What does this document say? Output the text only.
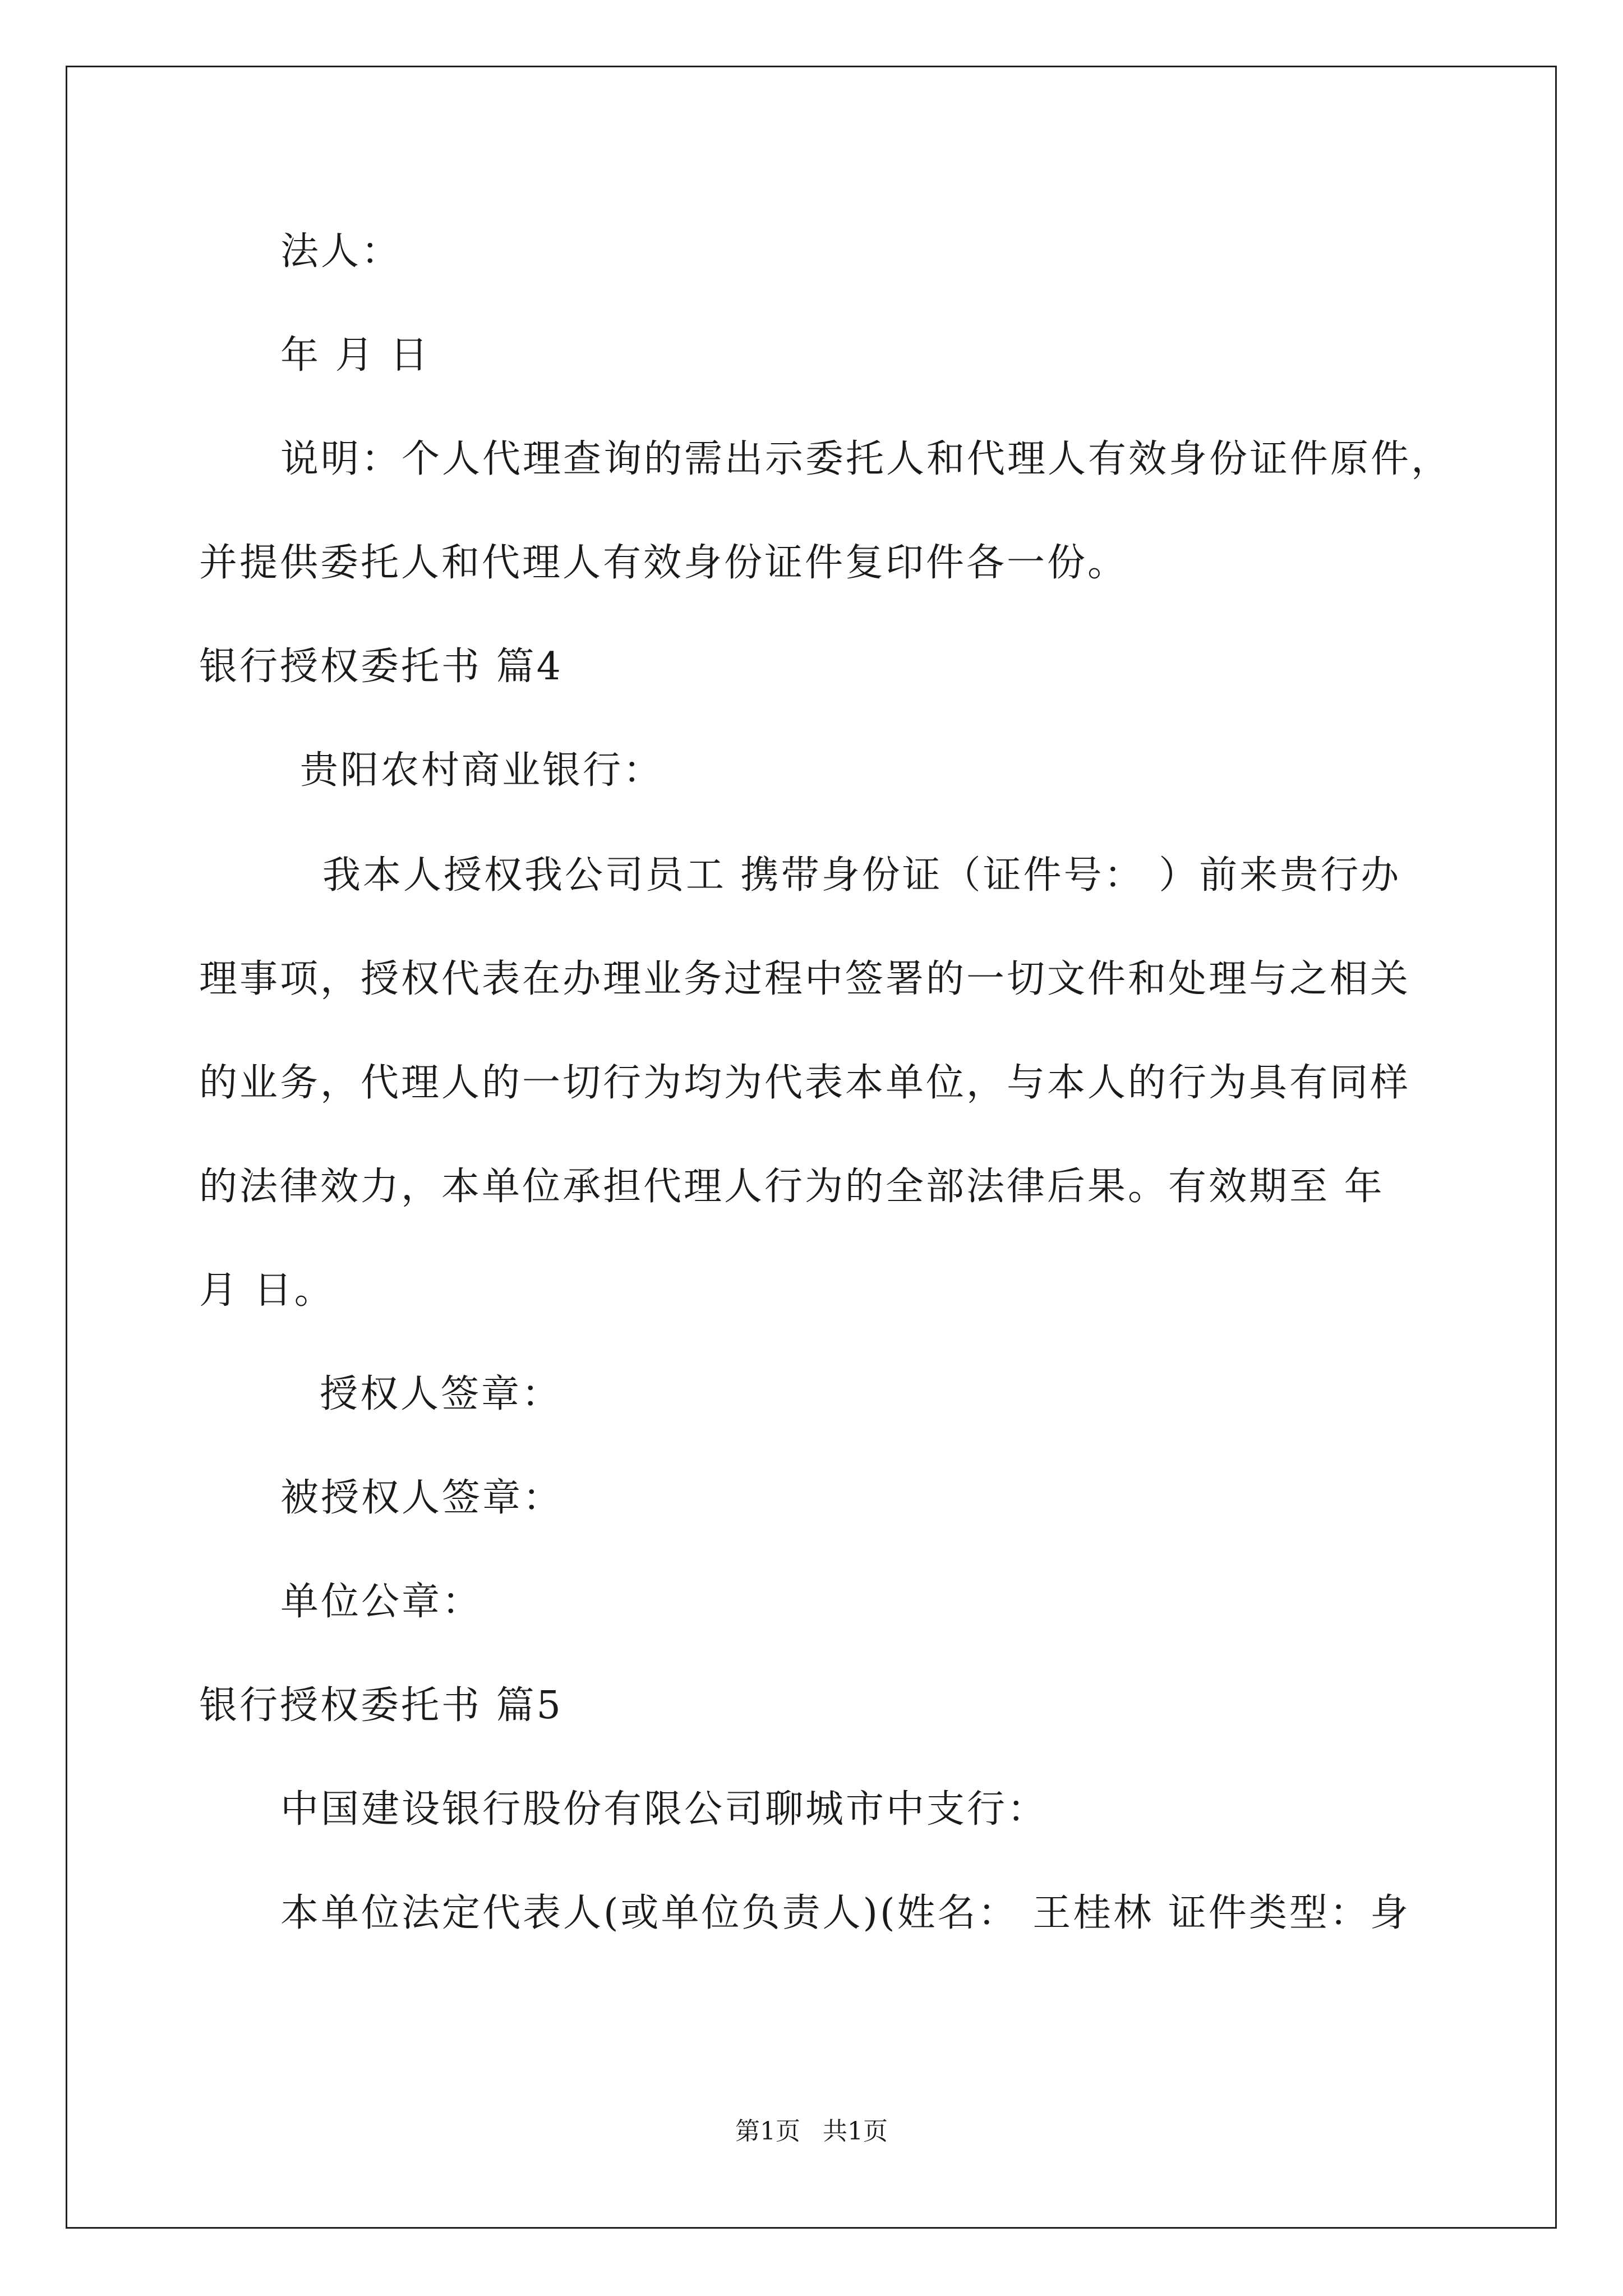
法人：
年 月 日
说明：个人代理查询的需出示委托人和代理人有效身份证件原件，
并提供委托人和代理人有效身份证件复印件各一份。
银行授权委托书 篇4
贵阳农村商业银行：
我本人授权我公司员工 携带身份证（证件号： ）前来贵行办
理事项，授权代表在办理业务过程中签署的一切文件和处理与之相关
的业务，代理人的一切行为均为代表本单位，与本人的行为具有同样
的法律效力，本单位承担代理人行为的全部法律后果。有效期至 年
月 日。
授权人签章：
被授权人签章：
单位公章：
银行授权委托书 篇5
中国建设银行股份有限公司聊城市中支行：
本单位法定代表人(或单位负责人)(姓名： 王桂林 证件类型：身
第1页 共1页
